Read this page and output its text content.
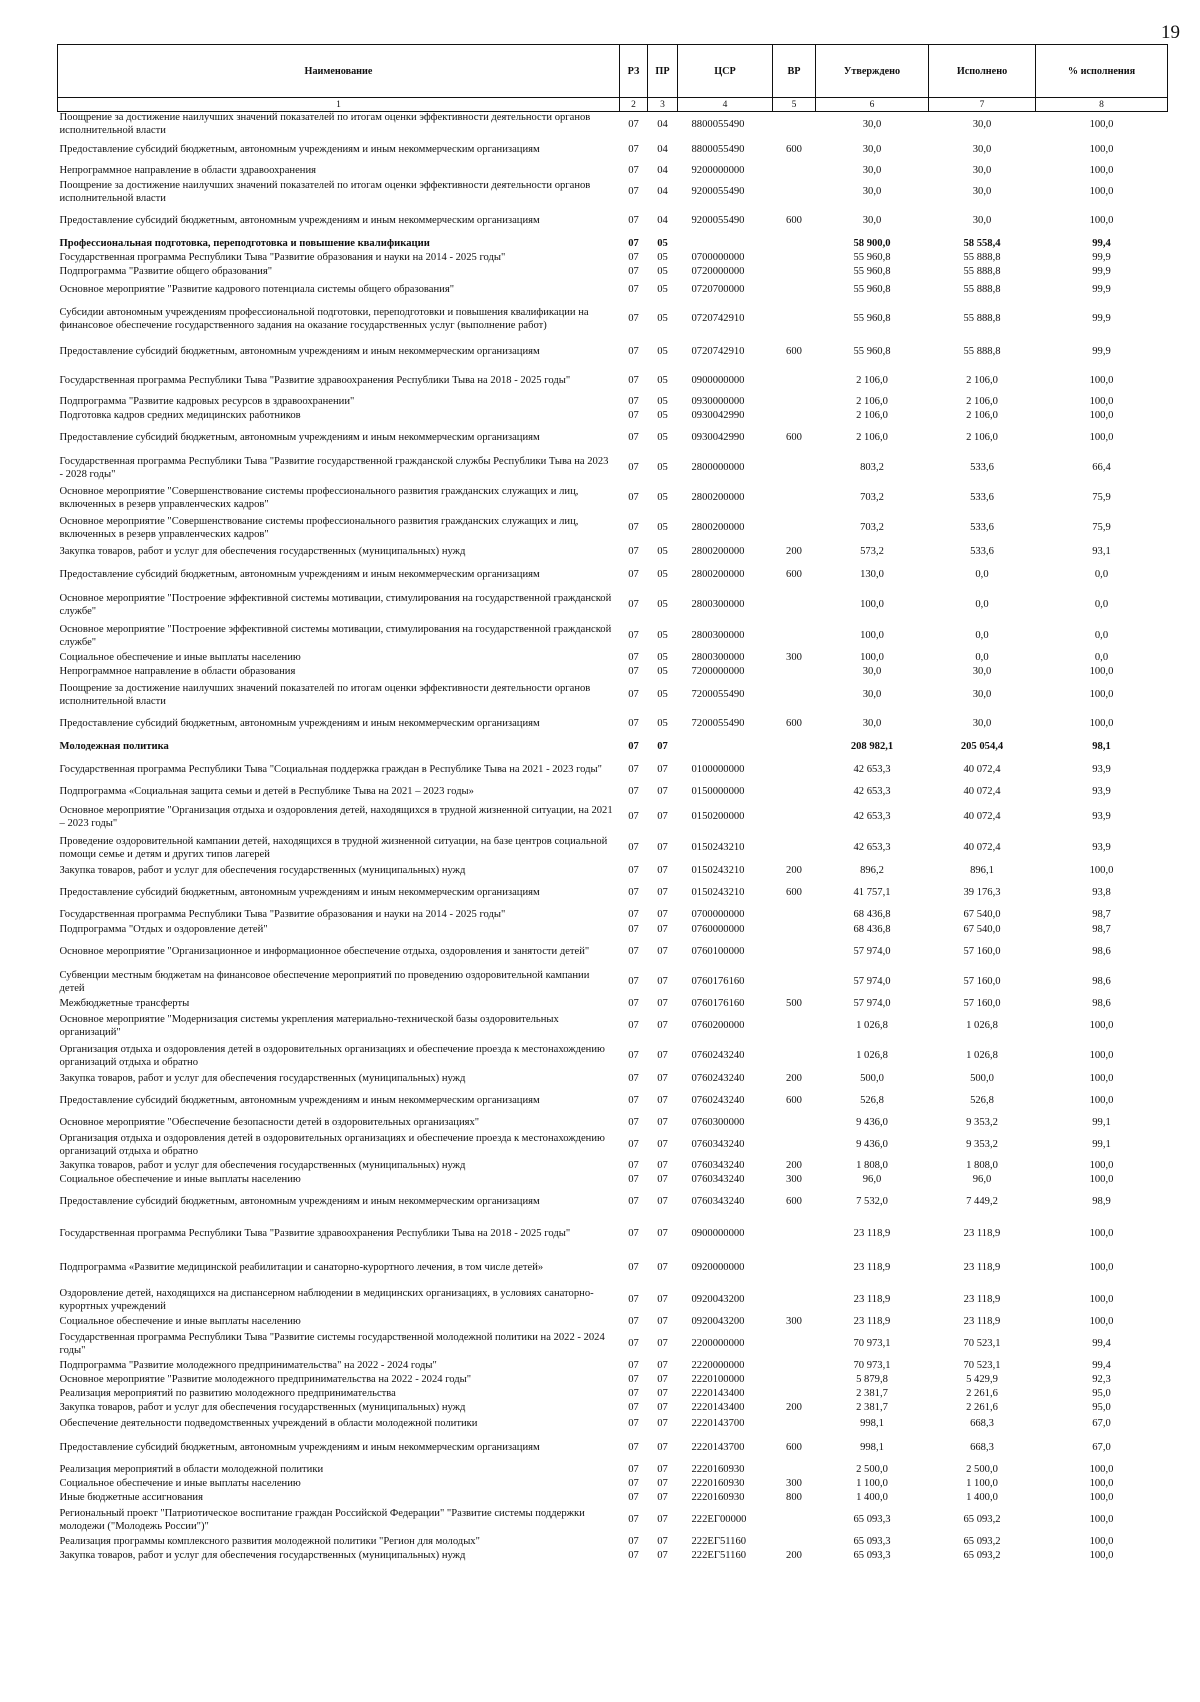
19
Наименование	РЗ	ПР	ЦСР	ВР	Утверждено	Исполнено	% исполнения
1	2	3	4	5	6	7	8
Поощрение за достижение наилучших значений показателей по итогам оценки эффективности деятельности органов исполнительной власти	07	04	8800055490		30,0	30,0	100,0
Предоставление субсидий бюджетным, автономным учреждениям и иным некоммерческим организациям	07	04	8800055490	600	30,0	30,0	100,0
Непрограммное направление в области здравоохранения	07	04	9200000000		30,0	30,0	100,0
Поощрение за достижение наилучших значений показателей по итогам оценки эффективности деятельности органов исполнительной власти	07	04	9200055490		30,0	30,0	100,0
Предоставление субсидий бюджетным, автономным учреждениям и иным некоммерческим организациям	07	04	9200055490	600	30,0	30,0	100,0
Профессиональная подготовка, переподготовка и повышение квалификации	07	05			58 900,0	58 558,4	99,4
Государственная программа Республики Тыва "Развитие образования и науки на 2014 - 2025 годы"	07	05	0700000000		55 960,8	55 888,8	99,9
Подпрограмма "Развитие общего образования"	07	05	0720000000		55 960,8	55 888,8	99,9
Основное мероприятие "Развитие кадрового потенциала системы общего образования"	07	05	0720700000		55 960,8	55 888,8	99,9
Субсидии автономным учреждениям профессиональной подготовки, переподготовки и повышения квалификации на финансовое обеспечение государственного задания на оказание государственных услуг (выполнение работ)	07	05	0720742910		55 960,8	55 888,8	99,9
Предоставление субсидий бюджетным, автономным учреждениям и иным некоммерческим организациям	07	05	0720742910	600	55 960,8	55 888,8	99,9
Государственная программа Республики Тыва "Развитие здравоохранения Республики Тыва на 2018 - 2025 годы"	07	05	0900000000		2 106,0	2 106,0	100,0
Подпрограмма "Развитие кадровых ресурсов в здравоохранении"	07	05	0930000000		2 106,0	2 106,0	100,0
Подготовка кадров средних медицинских работников	07	05	0930042990		2 106,0	2 106,0	100,0
Предоставление субсидий бюджетным, автономным учреждениям и иным некоммерческим организациям	07	05	0930042990	600	2 106,0	2 106,0	100,0
Государственная программа Республики Тыва "Развитие государственной гражданской службы Республики Тыва на 2023 - 2028 годы"	07	05	2800000000		803,2	533,6	66,4
Основное мероприятие "Совершенствование системы профессионального развития гражданских служащих и лиц, включенных в резерв управленческих кадров"	07	05	2800200000		703,2	533,6	75,9
Основное мероприятие "Совершенствование системы профессионального развития гражданских служащих и лиц, включенных в резерв управленческих кадров"	07	05	2800200000		703,2	533,6	75,9
Закупка товаров, работ и услуг для обеспечения государственных (муниципальных) нужд	07	05	2800200000	200	573,2	533,6	93,1
Предоставление субсидий бюджетным, автономным учреждениям и иным некоммерческим организациям	07	05	2800200000	600	130,0	0,0	0,0
Основное мероприятие "Построение эффективной системы мотивации, стимулирования на государственной гражданской службе"	07	05	2800300000		100,0	0,0	0,0
Основное мероприятие "Построение эффективной системы мотивации, стимулирования на государственной гражданской службе"	07	05	2800300000		100,0	0,0	0,0
Социальное обеспечение и иные выплаты населению	07	05	2800300000	300	100,0	0,0	0,0
Непрограммное направление в области образования	07	05	7200000000		30,0	30,0	100,0
Поощрение за достижение наилучших значений показателей по итогам оценки эффективности деятельности органов исполнительной власти	07	05	7200055490		30,0	30,0	100,0
Предоставление субсидий бюджетным, автономным учреждениям и иным некоммерческим организациям	07	05	7200055490	600	30,0	30,0	100,0
Молодежная политика	07	07			208 982,1	205 054,4	98,1
Государственная программа Республики Тыва "Социальная поддержка граждан в Республике Тыва на 2021 - 2023 годы"	07	07	0100000000		42 653,3	40 072,4	93,9
Подпрограмма «Социальная защита семьи и детей в Республике Тыва на 2021 – 2023 годы»	07	07	0150000000		42 653,3	40 072,4	93,9
Основное мероприятие "Организация отдыха и оздоровления детей, находящихся в трудной жизненной ситуации, на 2021 – 2023 годы"	07	07	0150200000		42 653,3	40 072,4	93,9
Проведение оздоровительной кампании детей, находящихся в трудной жизненной ситуации, на базе центров социальной помощи семье и детям и других типов лагерей	07	07	0150243210		42 653,3	40 072,4	93,9
Закупка товаров, работ и услуг для обеспечения государственных (муниципальных) нужд	07	07	0150243210	200	896,2	896,1	100,0
Предоставление субсидий бюджетным, автономным учреждениям и иным некоммерческим организациям	07	07	0150243210	600	41 757,1	39 176,3	93,8
Государственная программа Республики Тыва "Развитие образования и науки на 2014 - 2025 годы"	07	07	0700000000		68 436,8	67 540,0	98,7
Подпрограмма "Отдых и оздоровление детей"	07	07	0760000000		68 436,8	67 540,0	98,7
Основное мероприятие "Организационное и информационное обеспечение отдыха, оздоровления и занятости детей"	07	07	0760100000		57 974,0	57 160,0	98,6
Субвенции местным бюджетам на финансовое обеспечение мероприятий по проведению оздоровительной кампании детей	07	07	0760176160		57 974,0	57 160,0	98,6
Межбюджетные трансферты	07	07	0760176160	500	57 974,0	57 160,0	98,6
Основное мероприятие "Модернизация системы укрепления материально-технической базы оздоровительных организаций"	07	07	0760200000		1 026,8	1 026,8	100,0
Организация отдыха и оздоровления детей в оздоровительных организациях и обеспечение проезда к местонахождению организаций отдыха и обратно	07	07	0760243240		1 026,8	1 026,8	100,0
Закупка товаров, работ и услуг для обеспечения государственных (муниципальных) нужд	07	07	0760243240	200	500,0	500,0	100,0
Предоставление субсидий бюджетным, автономным учреждениям и иным некоммерческим организациям	07	07	0760243240	600	526,8	526,8	100,0
Основное мероприятие "Обеспечение безопасности детей в оздоровительных организациях"	07	07	0760300000		9 436,0	9 353,2	99,1
Организация отдыха и оздоровления детей в оздоровительных организациях и обеспечение проезда к местонахождению организаций отдыха и обратно	07	07	0760343240		9 436,0	9 353,2	99,1
Закупка товаров, работ и услуг для обеспечения государственных (муниципальных) нужд	07	07	0760343240	200	1 808,0	1 808,0	100,0
Социальное обеспечение и иные выплаты населению	07	07	0760343240	300	96,0	96,0	100,0
Предоставление субсидий бюджетным, автономным учреждениям и иным некоммерческим организациям	07	07	0760343240	600	7 532,0	7 449,2	98,9
Государственная программа Республики Тыва "Развитие здравоохранения Республики Тыва на 2018 - 2025 годы"	07	07	0900000000		23 118,9	23 118,9	100,0
Подпрограмма «Развитие медицинской реабилитации и санаторно-курортного лечения, в том числе детей»	07	07	0920000000		23 118,9	23 118,9	100,0
Оздоровление детей, находящихся на диспансерном наблюдении в медицинских организациях, в условиях санаторно-курортных учреждений	07	07	0920043200		23 118,9	23 118,9	100,0
Социальное обеспечение и иные выплаты населению	07	07	0920043200	300	23 118,9	23 118,9	100,0
Государственная программа Республики Тыва "Развитие системы государственной молодежной политики на 2022 - 2024 годы"	07	07	2200000000		70 973,1	70 523,1	99,4
Подпрограмма "Развитие молодежного предпринимательства" на 2022 - 2024 годы"	07	07	2220000000		70 973,1	70 523,1	99,4
Основное мероприятие "Развитие молодежного предпринимательства на 2022 - 2024 годы"	07	07	2220100000		5 879,8	5 429,9	92,3
Реализация мероприятий по развитию молодежного предпринимательства	07	07	2220143400		2 381,7	2 261,6	95,0
Закупка товаров, работ и услуг для обеспечения государственных (муниципальных) нужд	07	07	2220143400	200	2 381,7	2 261,6	95,0
Обеспечение деятельности подведомственных учреждений в области молодежной политики	07	07	2220143700		998,1	668,3	67,0
Предоставление субсидий бюджетным, автономным учреждениям и иным некоммерческим организациям	07	07	2220143700	600	998,1	668,3	67,0
Реализация мероприятий в области молодежной политики	07	07	2220160930		2 500,0	2 500,0	100,0
Социальное обеспечение и иные выплаты населению	07	07	2220160930	300	1 100,0	1 100,0	100,0
Иные бюджетные ассигнования	07	07	2220160930	800	1 400,0	1 400,0	100,0
Региональный проект "Патриотическое воспитание граждан Российской Федерации" "Развитие системы поддержки молодежи ("Молодежь России")"	07	07	222ЕГ00000		65 093,3	65 093,2	100,0
Реализация программы комплексного развития молодежной политики "Регион для молодых"	07	07	222ЕГ51160		65 093,3	65 093,2	100,0
Закупка товаров, работ и услуг для обеспечения государственных (муниципальных) нужд	07	07	222ЕГ51160	200	65 093,3	65 093,2	100,0
